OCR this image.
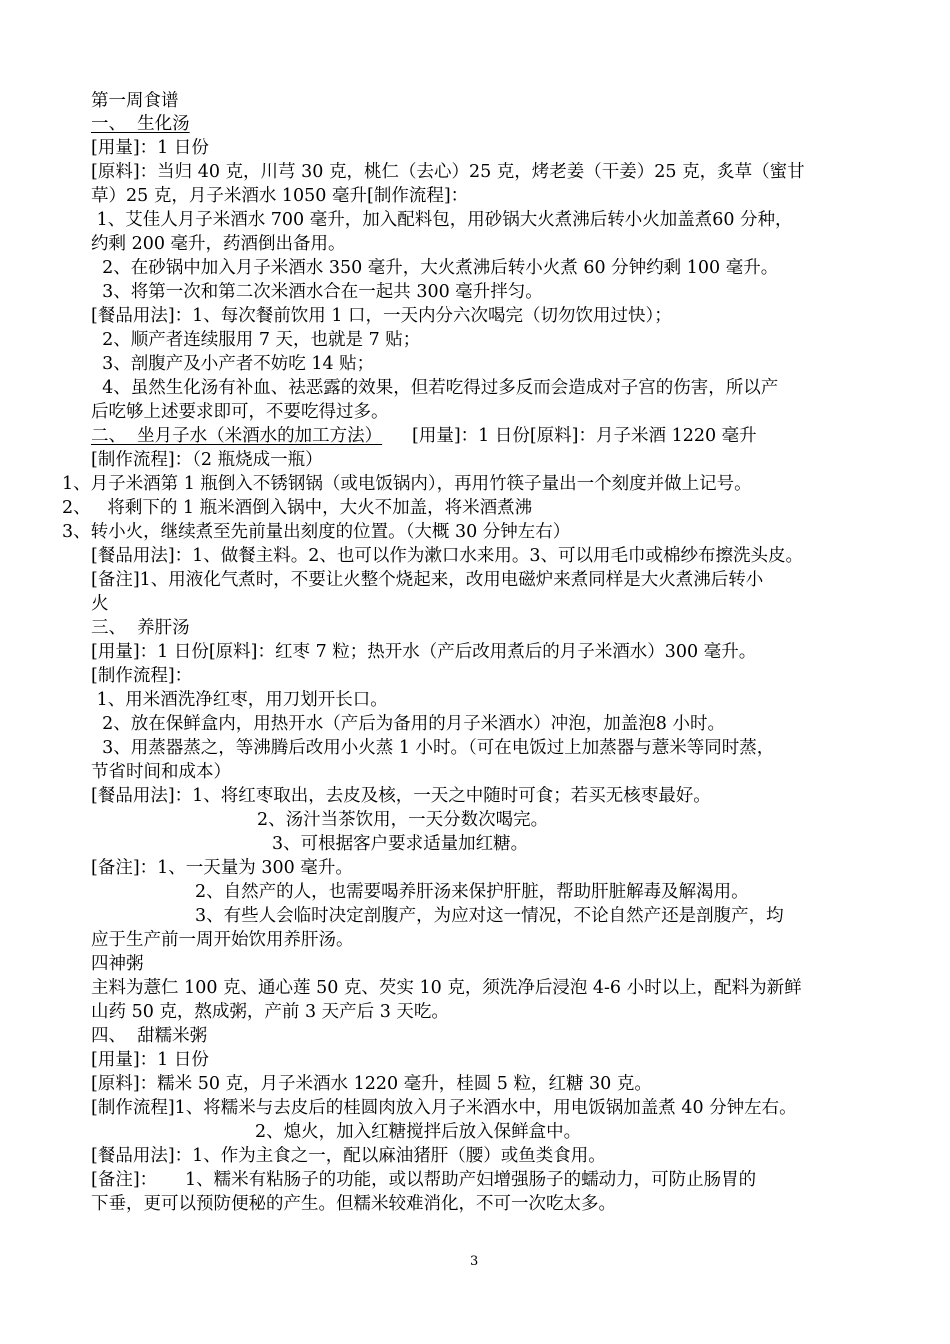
第一周食谱
一、  生化汤
[用量]：1 日份
[原料]：当归 40 克，川芎 30 克，桃仁（去心）25 克，烤老姜（干姜）25 克，炙草（蜜甘
草）25 克，月子米酒水 1050 毫升[制作流程]：
1、艾佳人月子米酒水 700 毫升，加入配料包，用砂锅大火煮沸后转小火加盖煮60 分种，
约剩 200 毫升，药酒倒出备用。
2、在砂锅中加入月子米酒水 350 毫升，大火煮沸后转小火煮 60 分钟约剩 100 毫升。
3、将第一次和第二次米酒水合在一起共 300 毫升拌匀。
[餐品用法]：1、每次餐前饮用 1 口，一天内分六次喝完（切勿饮用过快）；
2、顺产者连续服用 7 天，也就是 7 贴；
3、剖腹产及小产者不妨吃 14 贴；
4、虽然生化汤有补血、祛恶露的效果，但若吃得过多反而会造成对子宫的伤害，所以产
后吃够上述要求即可，不要吃得过多。
二、  坐月子水（米酒水的加工方法） [用量]：1 日份[原料]：月子米酒 1220 毫升
[制作流程]：（2 瓶烧成一瓶）
1、月子米酒第 1 瓶倒入不锈钢锅（或电饭锅内），再用竹筷子量出一个刻度并做上记号。
2、   将剩下的 1 瓶米酒倒入锅中，大火不加盖，将米酒煮沸
3、转小火，继续煮至先前量出刻度的位置。（大概 30 分钟左右）
[餐品用法]：1、做餐主料。2、也可以作为漱口水来用。3、可以用毛巾或棉纱布擦洗头皮。
[备注]1、用液化气煮时，不要让火整个烧起来，改用电磁炉来煮同样是大火煮沸后转小
火
三、  养肝汤
[用量]：1 日份[原料]：红枣 7 粒；热开水（产后改用煮后的月子米酒水）300 毫升。
[制作流程]：
1、用米酒洗净红枣，用刀划开长口。
2、放在保鲜盒内，用热开水（产后为备用的月子米酒水）冲泡，加盖泡8 小时。
3、用蒸器蒸之，等沸腾后改用小火蒸 1 小时。（可在电饭过上加蒸器与薏米等同时蒸，
节省时间和成本）
[餐品用法]：1、将红枣取出，去皮及核，一天之中随时可食；若买无核枣最好。
2、汤汁当茶饮用，一天分数次喝完。
3、可根据客户要求适量加红糖。
[备注]：1、一天量为 300 毫升。
2、自然产的人，也需要喝养肝汤来保护肝脏，帮助肝脏解毒及解渴用。
3、有些人会临时决定剖腹产，为应对这一情况，不论自然产还是剖腹产，均
应于生产前一周开始饮用养肝汤。
四神粥
主料为薏仁 100 克、通心莲 50 克、芡实 10 克，须洗净后浸泡 4-6 小时以上，配料为新鲜
山药 50 克，熬成粥，产前 3 天产后 3 天吃。
四、  甜糯米粥
[用量]：1 日份
[原料]：糯米 50 克，月子米酒水 1220 毫升，桂圆 5 粒，红糖 30 克。
[制作流程]1、将糯米与去皮后的桂圆肉放入月子米酒水中，用电饭锅加盖煮 40 分钟左右。
2、熄火，加入红糖搅拌后放入保鲜盒中。
[餐品用法]：1、作为主食之一，配以麻油猪肝（腰）或鱼类食用。
[备注]：     1、糯米有粘肠子的功能，或以帮助产妇增强肠子的蠕动力，可防止肠胃的
下垂，更可以预防便秘的产生。但糯米较难消化，不可一次吃太多。
3
